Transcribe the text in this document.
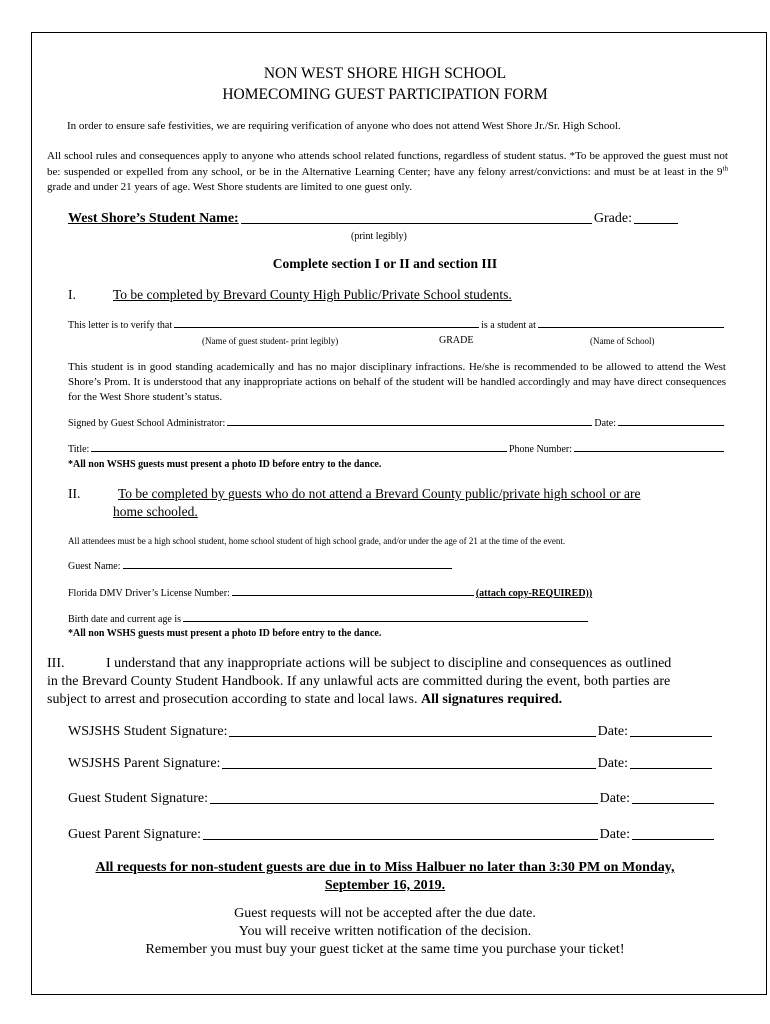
NON WEST SHORE HIGH SCHOOL
HOMECOMING GUEST PARTICIPATION FORM
In order to ensure safe festivities, we are requiring verification of anyone who does not attend West Shore Jr./Sr. High School.
All school rules and consequences apply to anyone who attends school related functions, regardless of student status. *To be approved the guest must not be: suspended or expelled from any school, or be in the Alternative Learning Center; have any felony arrest/convictions: and must be at least in the 9th grade and under 21 years of age. West Shore students are limited to one guest only.
West Shore’s Student Name:	Grade:
(print legibly)
Complete section I or II and section III
I.	To be completed by Brevard County High Public/Private School students.
This letter is to verify that	is a student at
(Name of guest student- print legibly)	GRADE	(Name of School)
This student is in good standing academically and has no major disciplinary infractions. He/she is recommended to be allowed to attend the West Shore’s Prom. It is understood that any inappropriate actions on behalf of the student will be handled accordingly and may have direct consequences for the West Shore student’s status.
Signed by Guest School Administrator:	Date:
Title:	Phone Number:
*All non WSHS guests must present a photo ID before entry to the dance.
II.	To be completed by guests who do not attend a Brevard County public/private high school or are
home schooled.
All attendees must be a high school student, home school student of high school grade, and/or under the age of 21 at the time of the event.
Guest Name:
Florida DMV Driver’s License Number:	(attach copy-REQUIRED))
Birth date and current age is
*All non WSHS guests must present a photo ID before entry to the dance.
III.	I understand that any inappropriate actions will be subject to discipline and consequences as outlined
in the Brevard County Student Handbook. If any unlawful acts are committed during the event, both parties are
subject to arrest and prosecution according to state and local laws. All signatures required.
WSJSHS Student Signature:	Date:
WSJSHS Parent Signature:	Date:
Guest Student Signature:	Date:
Guest Parent Signature:	Date:
All requests for non-student guests are due in to Miss Halbuer no later than 3:30 PM on Monday,
September 16, 2019.
Guest requests will not be accepted after the due date.
You will receive written notification of the decision.
Remember you must buy your guest ticket at the same time you purchase your ticket!
